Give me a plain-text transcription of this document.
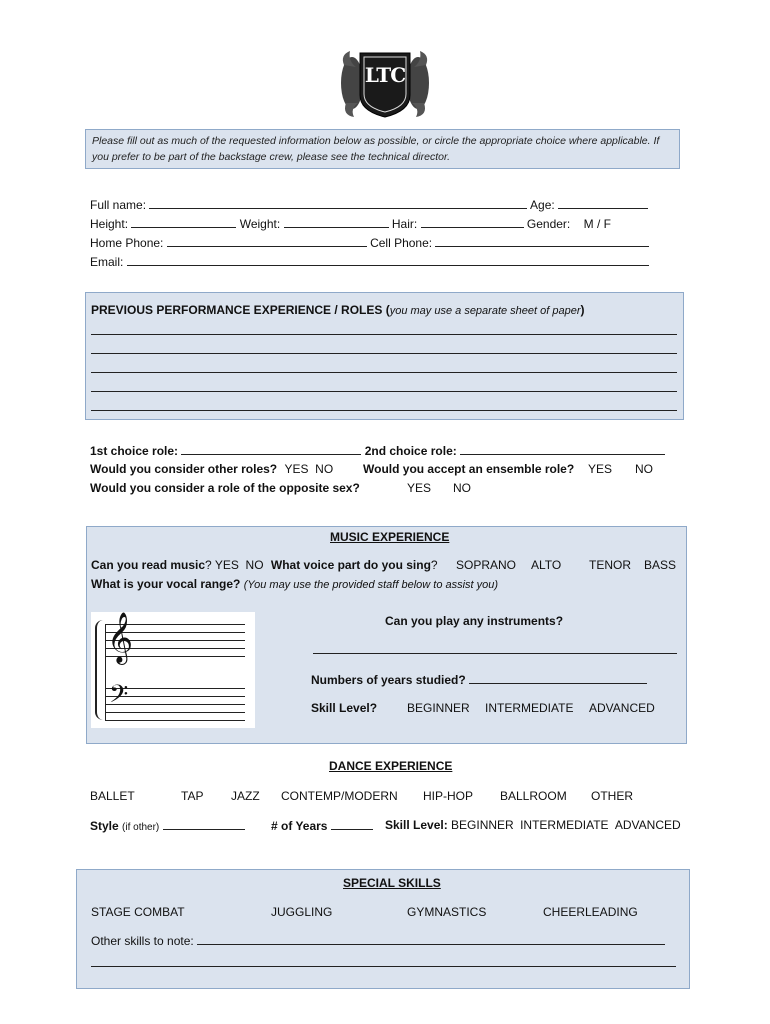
LTC
Please fill out as much of the requested information below as possible, or circle the appropriate choice where applicable. If you prefer to be part of the backstage crew, please see the technical director.
Full name:	Age:
Height:	Weight:	Hair:	Gender: M / F
Home Phone:	Cell Phone:
Email:
PREVIOUS PERFORMANCE EXPERIENCE / ROLES (you may use a separate sheet of paper)
1st choice role:	2nd choice role:
Would you consider other roles? YES  NO Would you accept an ensemble role? YES NO
Would you consider a role of the opposite sex?	YES NO
MUSIC EXPERIENCE
Can you read music? YES  NO What voice part do you sing? SOPRANO ALTO TENOR BASS
What is your vocal range? (You may use the provided staff below to assist you)
𝄞
𝄢
Can you play any instruments?
Numbers of years studied?
Skill Level? BEGINNER INTERMEDIATE ADVANCED
DANCE EXPERIENCE
BALLET	TAP JAZZ CONTEMP/MODERN HIP-HOP BALLROOM OTHER
Style (if other)	# of Years	Skill Level: BEGINNER INTERMEDIATE ADVANCED
SPECIAL SKILLS
STAGE COMBAT	JUGGLING	GYMNASTICS	CHEERLEADING
Other skills to note:
